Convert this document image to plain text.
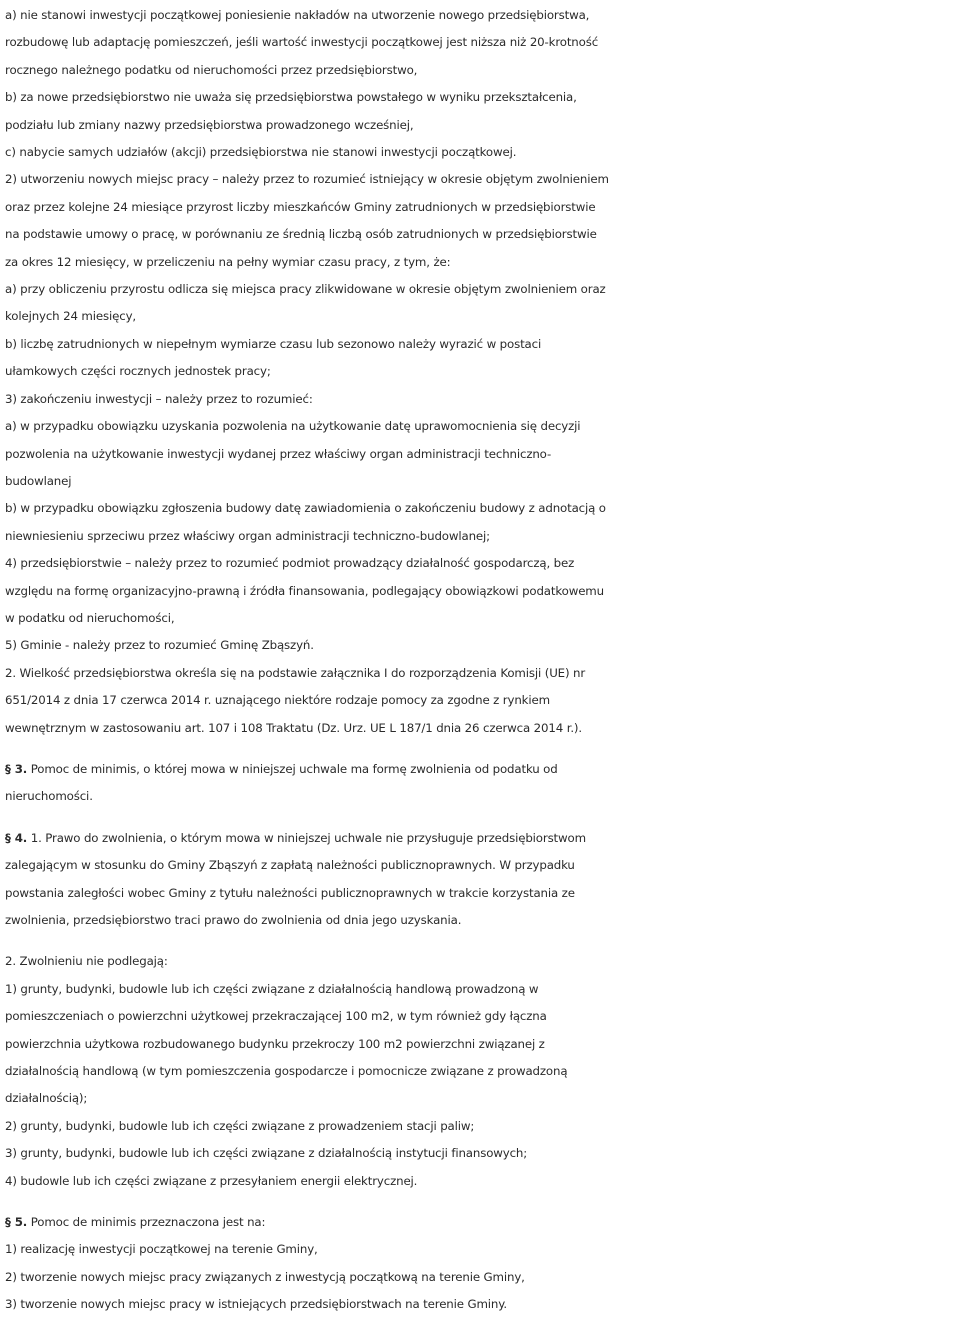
a) nie stanowi inwestycji początkowej poniesienie nakładów na utworzenie nowego przedsiębiorstwa,
rozbudowę lub adaptację pomieszczeń, jeśli wartość inwestycji początkowej jest niższa niż 20-krotność
rocznego należnego podatku od nieruchomości przez przedsiębiorstwo,
b) za nowe przedsiębiorstwo nie uważa się przedsiębiorstwa powstałego w wyniku przekształcenia,
podziału lub zmiany nazwy przedsiębiorstwa prowadzonego wcześniej,
c) nabycie samych udziałów (akcji) przedsiębiorstwa nie stanowi inwestycji początkowej.
2) utworzeniu nowych miejsc pracy – należy przez to rozumieć istniejący w okresie objętym zwolnieniem
oraz przez kolejne 24 miesiące przyrost liczby mieszkańców Gminy zatrudnionych w przedsiębiorstwie
na podstawie umowy o pracę, w porównaniu ze średnią liczbą osób zatrudnionych w przedsiębiorstwie
za okres 12 miesięcy, w przeliczeniu na pełny wymiar czasu pracy, z tym, że:
a) przy obliczeniu przyrostu odlicza się miejsca pracy zlikwidowane w okresie objętym zwolnieniem oraz
kolejnych 24 miesięcy,
b) liczbę zatrudnionych w niepełnym wymiarze czasu lub sezonowo należy wyrazić w postaci
ułamkowych części rocznych jednostek pracy;
3) zakończeniu inwestycji – należy przez to rozumieć:
a) w przypadku obowiązku uzyskania pozwolenia na użytkowanie datę uprawomocnienia się decyzji
pozwolenia na użytkowanie inwestycji wydanej przez właściwy organ administracji techniczno-
budowlanej
b) w przypadku obowiązku zgłoszenia budowy datę zawiadomienia o zakończeniu budowy z adnotacją o
niewniesieniu sprzeciwu przez właściwy organ administracji techniczno-budowlanej;
4) przedsiębiorstwie – należy przez to rozumieć podmiot prowadzący działalność gospodarczą, bez
względu na formę organizacyjno-prawną i źródła finansowania, podlegający obowiązkowi podatkowemu
w podatku od nieruchomości,
5) Gminie - należy przez to rozumieć Gminę Zbąszyń.
2. Wielkość przedsiębiorstwa określa się na podstawie załącznika I do rozporządzenia Komisji (UE) nr
651/2014 z dnia 17 czerwca 2014 r. uznającego niektóre rodzaje pomocy za zgodne z rynkiem
wewnętrznym w zastosowaniu art. 107 i 108 Traktatu (Dz. Urz. UE L 187/1 dnia 26 czerwca 2014 r.).
§ 3. Pomoc de minimis, o której mowa w niniejszej uchwale ma formę zwolnienia od podatku od
nieruchomości.
§ 4. 1. Prawo do zwolnienia, o którym mowa w niniejszej uchwale nie przysługuje przedsiębiorstwom
zalegającym w stosunku do Gminy Zbąszyń z zapłatą należności publicznoprawnych. W przypadku
powstania zaległości wobec Gminy z tytułu należności publicznoprawnych w trakcie korzystania ze
zwolnienia, przedsiębiorstwo traci prawo do zwolnienia od dnia jego uzyskania.
2. Zwolnieniu nie podlegają:
1) grunty, budynki, budowle lub ich części związane z działalnością handlową prowadzoną w
pomieszczeniach o powierzchni użytkowej przekraczającej 100 m2, w tym również gdy łączna
powierzchnia użytkowa rozbudowanego budynku przekroczy 100 m2 powierzchni związanej z
działalnością handlową (w tym pomieszczenia gospodarcze i pomocnicze związane z prowadzoną
działalnością);
2) grunty, budynki, budowle lub ich części związane z prowadzeniem stacji paliw;
3) grunty, budynki, budowle lub ich części związane z działalnością instytucji finansowych;
4) budowle lub ich części związane z przesyłaniem energii elektrycznej.
§ 5. Pomoc de minimis przeznaczona jest na:
1) realizację inwestycji początkowej na terenie Gminy,
2) tworzenie nowych miejsc pracy związanych z inwestycją początkową na terenie Gminy,
3) tworzenie nowych miejsc pracy w istniejących przedsiębiorstwach na terenie Gminy.
